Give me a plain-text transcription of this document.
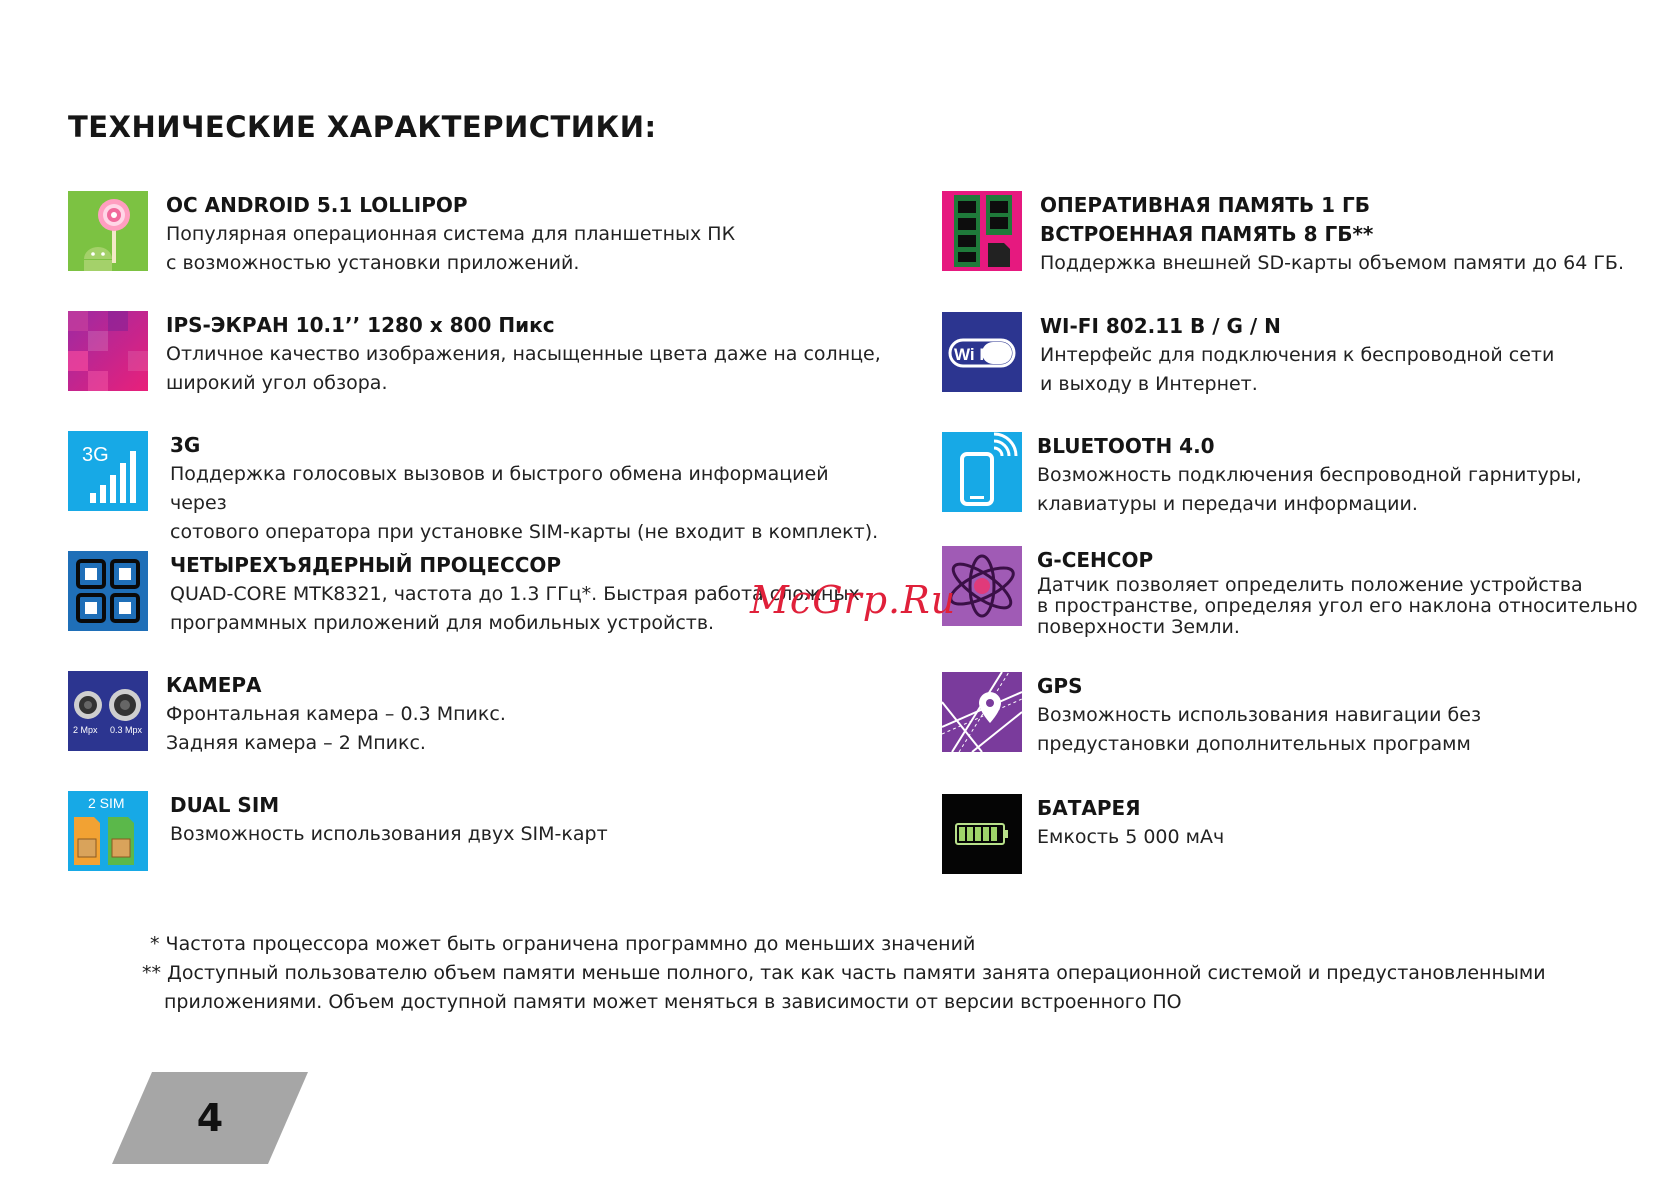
ТЕХНИЧЕСКИЕ ХАРАКТЕРИСТИКИ:
ОС ANDROID 5.1 LOLLIPOP
Популярная операционная система для планшетных ПК
с возможностью установки приложений.
IPS-ЭКРАН 10.1’’ 1280 x 800 Пикс
Отличное качество изображения, насыщенные цвета даже на солнце,
широкий угол обзора.
3G	3G
Поддержка голосовых вызовов и быстрого обмена информацией через
сотового оператора при установке SIM-карты (не входит в комплект).
ЧЕТЫРЕХЪЯДЕРНЫЙ ПРОЦЕССОР
QUAD-CORE MTK8321, частота до 1.3 ГГц*. Быстрая работа сложных
программных приложений для мобильных устройств.
2 Mpx 0.3 Mpx
КАМЕРА
Фронтальная камера – 0.3 Мпикс.
Задняя камера – 2 Мпикс.
2 SIM DUAL SIM
Возможность использования двух SIM-карт
ОПЕРАТИВНАЯ ПАМЯТЬ 1 ГБ
ВСТРОЕННАЯ ПАМЯТЬ 8 ГБ**
Поддержка внешней SD-карты объемом памяти до 64 ГБ.
Wi Fi
WI-FI 802.11 B / G / N
Интерфейс для подключения к беспроводной сети
и выходу в Интернет.
BLUETOOTH 4.0
Возможность подключения беспроводной гарнитуры,
клавиатуры и передачи информации.
G-СЕНСОР
Датчик позволяет определить положение устройства
в пространстве, определяя угол его наклона относительно
поверхности Земли.
GPS
Возможность использования навигации без
предустановки дополнительных программ
БАТАРЕЯ
Емкость 5 000 мАч
McGrp.Ru
* Частота процессора может быть ограничена программно до меньших значений
** Доступный пользователю объем памяти меньше полного, так как часть памяти занята операционной системой и предустановленными
приложениями. Объем доступной памяти может меняться в зависимости от версии встроенного ПО
4
